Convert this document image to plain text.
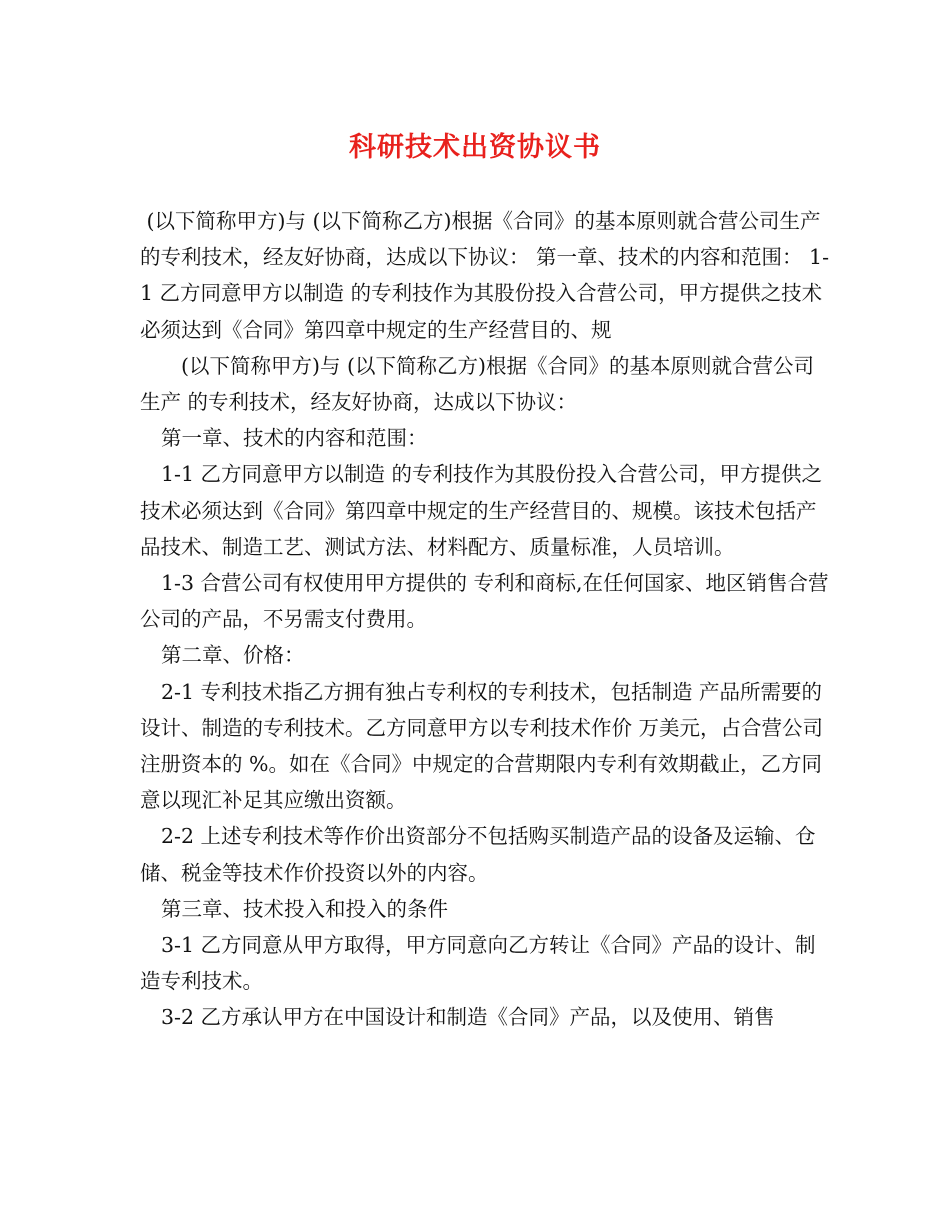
科研技术出资协议书

(以下简称甲方)与 (以下简称乙方)根据《合同》的基本原则就合营公司生产 的专利技术，经友好协商，达成以下协议： 第一章、技术的内容和范围： 1-1 乙方同意甲方以制造 的专利技作为其股份投入合营公司，甲方提供之技术必须达到《合同》第四章中规定的生产经营目的、规

(以下简称甲方)与 (以下简称乙方)根据《合同》的基本原则就合营公司生产 的专利技术，经友好协商，达成以下协议：

第一章、技术的内容和范围：

1-1 乙方同意甲方以制造 的专利技作为其股份投入合营公司，甲方提供之技术必须达到《合同》第四章中规定的生产经营目的、规模。该技术包括产品技术、制造工艺、测试方法、材料配方、质量标准，人员培训。

1-3 合营公司有权使用甲方提供的 专利和商标,在任何国家、地区销售合营公司的产品，不另需支付费用。

第二章、价格：

2-1 专利技术指乙方拥有独占专利权的专利技术，包括制造 产品所需要的设计、制造的专利技术。乙方同意甲方以专利技术作价 万美元，占合营公司注册资本的 %。如在《合同》中规定的合营期限内专利有效期截止，乙方同意以现汇补足其应缴出资额。

2-2 上述专利技术等作价出资部分不包括购买制造产品的设备及运输、仓储、税金等技术作价投资以外的内容。

第三章、技术投入和投入的条件

3-1 乙方同意从甲方取得，甲方同意向乙方转让《合同》产品的设计、制造专利技术。

3-2 乙方承认甲方在中国设计和制造《合同》产品，以及使用、销售
